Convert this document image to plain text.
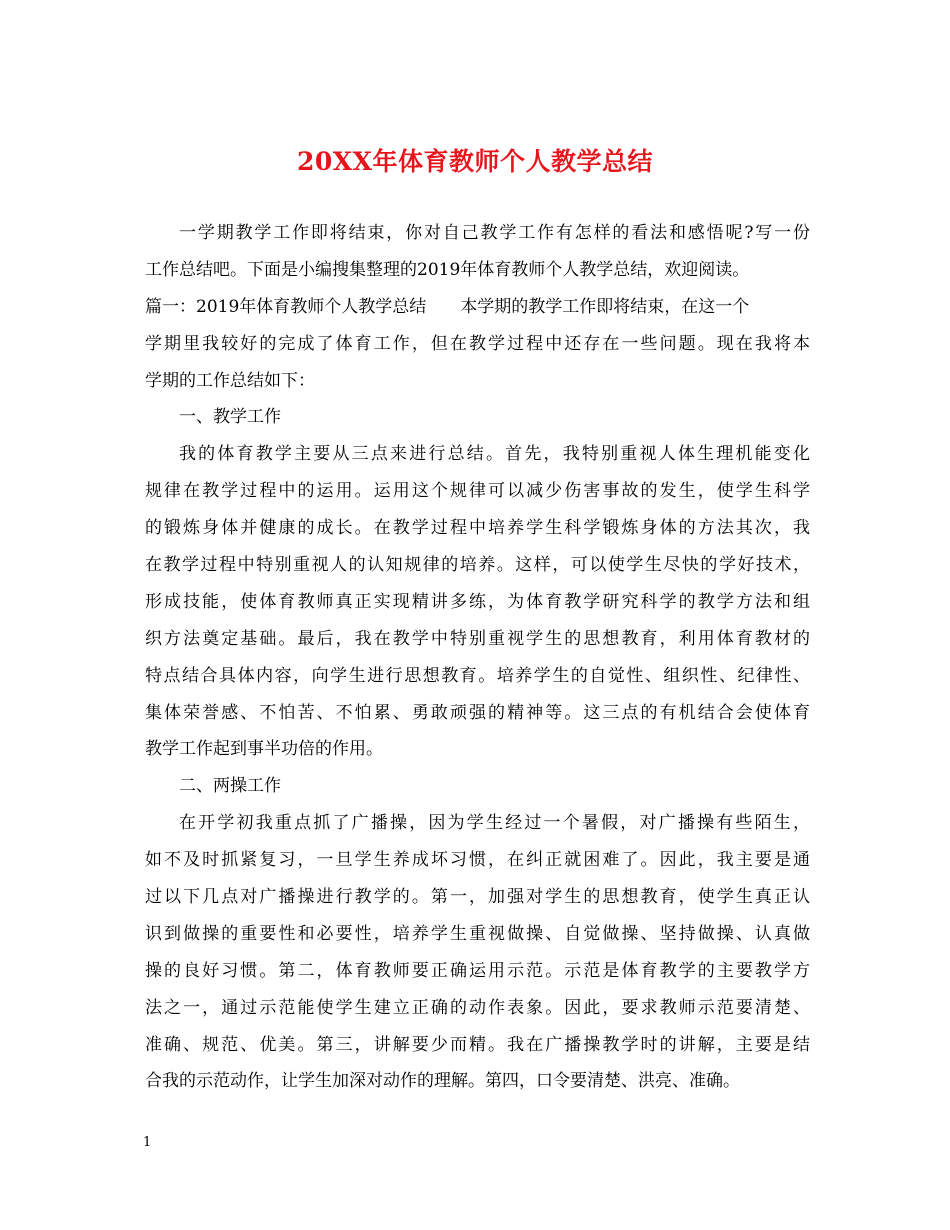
20XX年体育教师个人教学总结
一学期教学工作即将结束，你对自己教学工作有怎样的看法和感悟呢?写一份
工作总结吧。下面是小编搜集整理的2019年体育教师个人教学总结，欢迎阅读。
篇一：2019年体育教师个人教学总结　　本学期的教学工作即将结束，在这一个
学期里我较好的完成了体育工作，但在教学过程中还存在一些问题。现在我将本
学期的工作总结如下：
一、教学工作
我的体育教学主要从三点来进行总结。首先，我特别重视人体生理机能变化
规律在教学过程中的运用。运用这个规律可以减少伤害事故的发生，使学生科学
的锻炼身体并健康的成长。在教学过程中培养学生科学锻炼身体的方法其次，我
在教学过程中特别重视人的认知规律的培养。这样，可以使学生尽快的学好技术，
形成技能，使体育教师真正实现精讲多练，为体育教学研究科学的教学方法和组
织方法奠定基础。最后，我在教学中特别重视学生的思想教育，利用体育教材的
特点结合具体内容，向学生进行思想教育。培养学生的自觉性、组织性、纪律性、
集体荣誉感、不怕苦、不怕累、勇敢顽强的精神等。这三点的有机结合会使体育
教学工作起到事半功倍的作用。
二、两操工作
在开学初我重点抓了广播操，因为学生经过一个暑假，对广播操有些陌生，
如不及时抓紧复习，一旦学生养成坏习惯，在纠正就困难了。因此，我主要是通
过以下几点对广播操进行教学的。第一，加强对学生的思想教育，使学生真正认
识到做操的重要性和必要性，培养学生重视做操、自觉做操、坚持做操、认真做
操的良好习惯。第二，体育教师要正确运用示范。示范是体育教学的主要教学方
法之一，通过示范能使学生建立正确的动作表象。因此，要求教师示范要清楚、
准确、规范、优美。第三，讲解要少而精。我在广播操教学时的讲解，主要是结
合我的示范动作，让学生加深对动作的理解。第四，口令要清楚、洪亮、准确。
1
